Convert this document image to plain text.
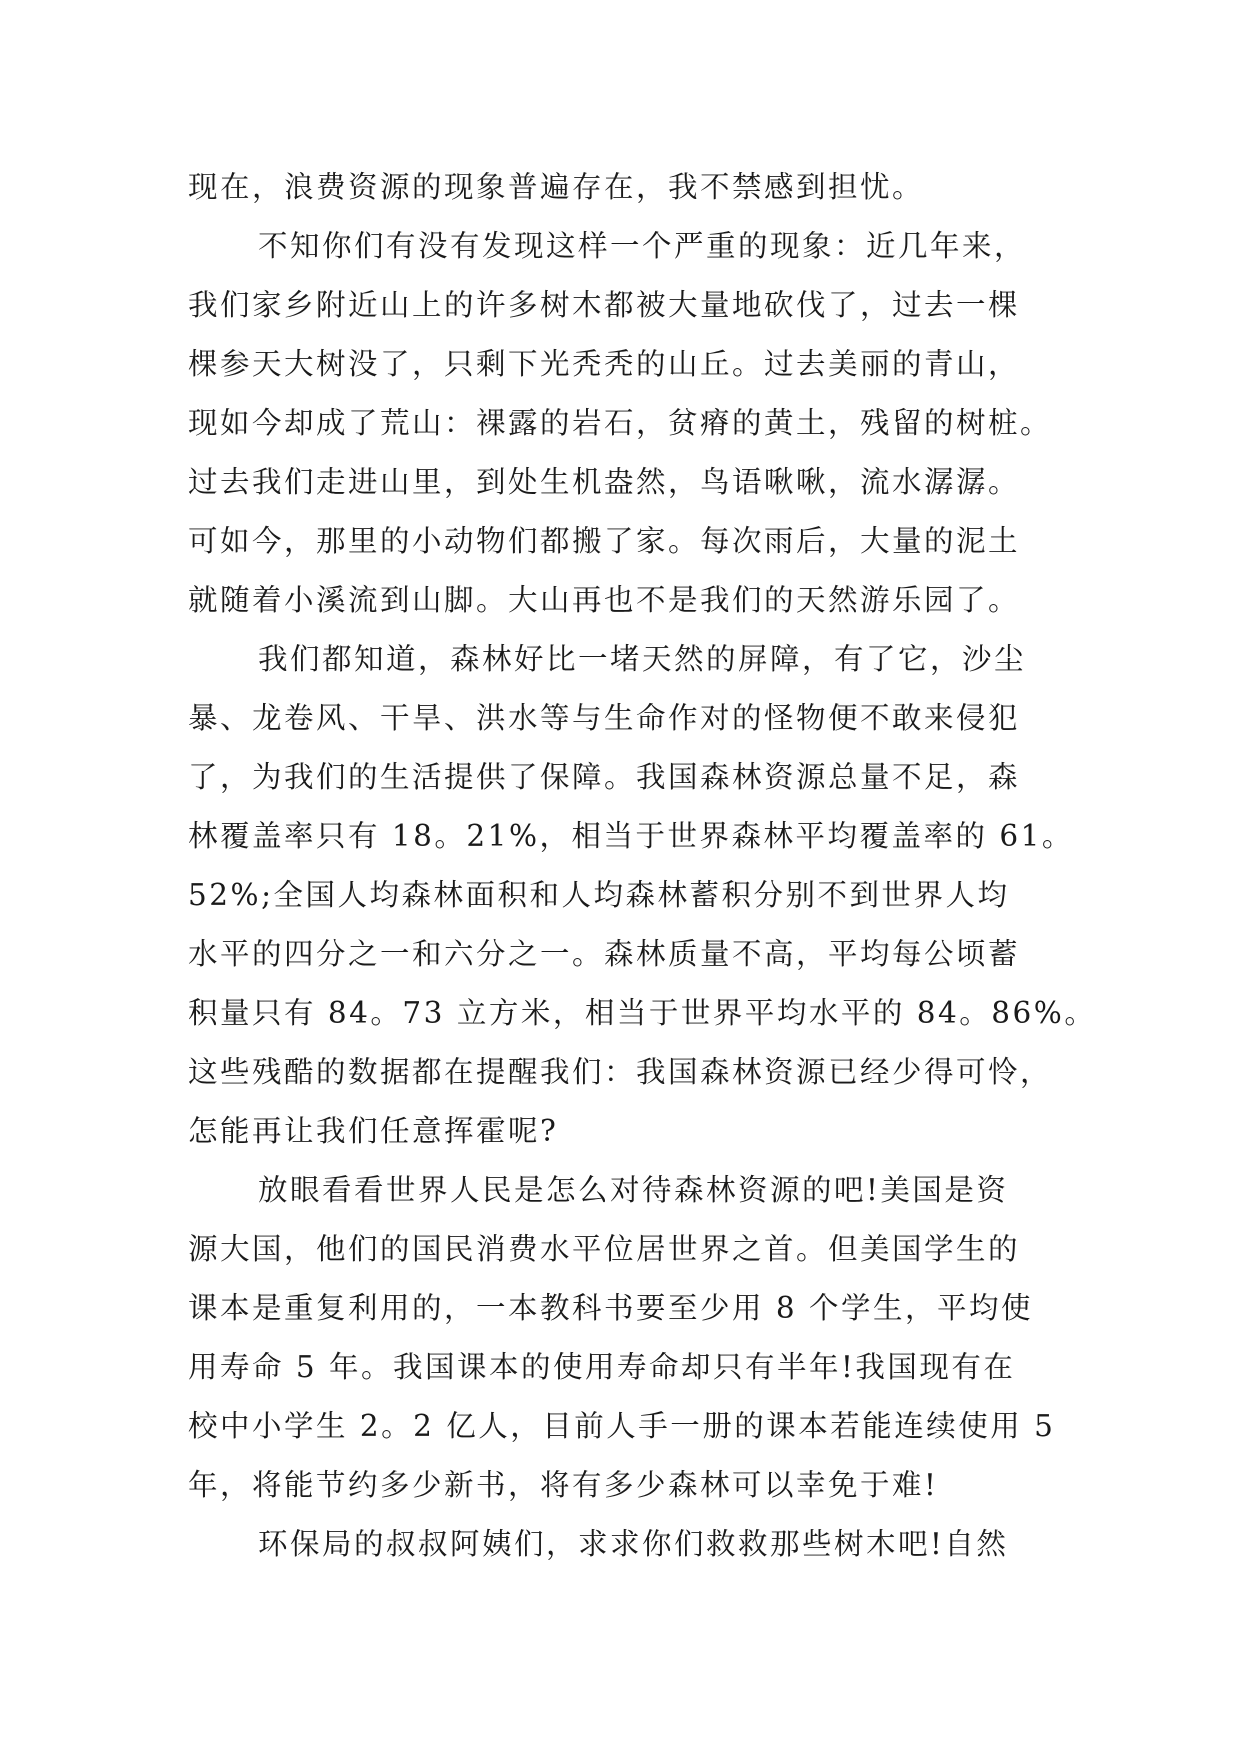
现在，浪费资源的现象普遍存在，我不禁感到担忧。
不知你们有没有发现这样一个严重的现象：近几年来，
我们家乡附近山上的许多树木都被大量地砍伐了，过去一棵
棵参天大树没了，只剩下光秃秃的山丘。过去美丽的青山，
现如今却成了荒山：裸露的岩石，贫瘠的黄土，残留的树桩。
过去我们走进山里，到处生机盎然，鸟语啾啾，流水潺潺。
可如今，那里的小动物们都搬了家。每次雨后，大量的泥土
就随着小溪流到山脚。大山再也不是我们的天然游乐园了。
我们都知道，森林好比一堵天然的屏障，有了它，沙尘
暴、龙卷风、干旱、洪水等与生命作对的怪物便不敢来侵犯
了，为我们的生活提供了保障。我国森林资源总量不足，森
林覆盖率只有 18。21%，相当于世界森林平均覆盖率的 61。
52%;全国人均森林面积和人均森林蓄积分别不到世界人均
水平的四分之一和六分之一。森林质量不高，平均每公顷蓄
积量只有 84。73 立方米，相当于世界平均水平的 84。86%。
这些残酷的数据都在提醒我们：我国森林资源已经少得可怜，
怎能再让我们任意挥霍呢?
放眼看看世界人民是怎么对待森林资源的吧!美国是资
源大国，他们的国民消费水平位居世界之首。但美国学生的
课本是重复利用的，一本教科书要至少用 8 个学生，平均使
用寿命 5 年。我国课本的使用寿命却只有半年!我国现有在
校中小学生 2。2 亿人，目前人手一册的课本若能连续使用 5
年，将能节约多少新书，将有多少森林可以幸免于难!
环保局的叔叔阿姨们，求求你们救救那些树木吧!自然
